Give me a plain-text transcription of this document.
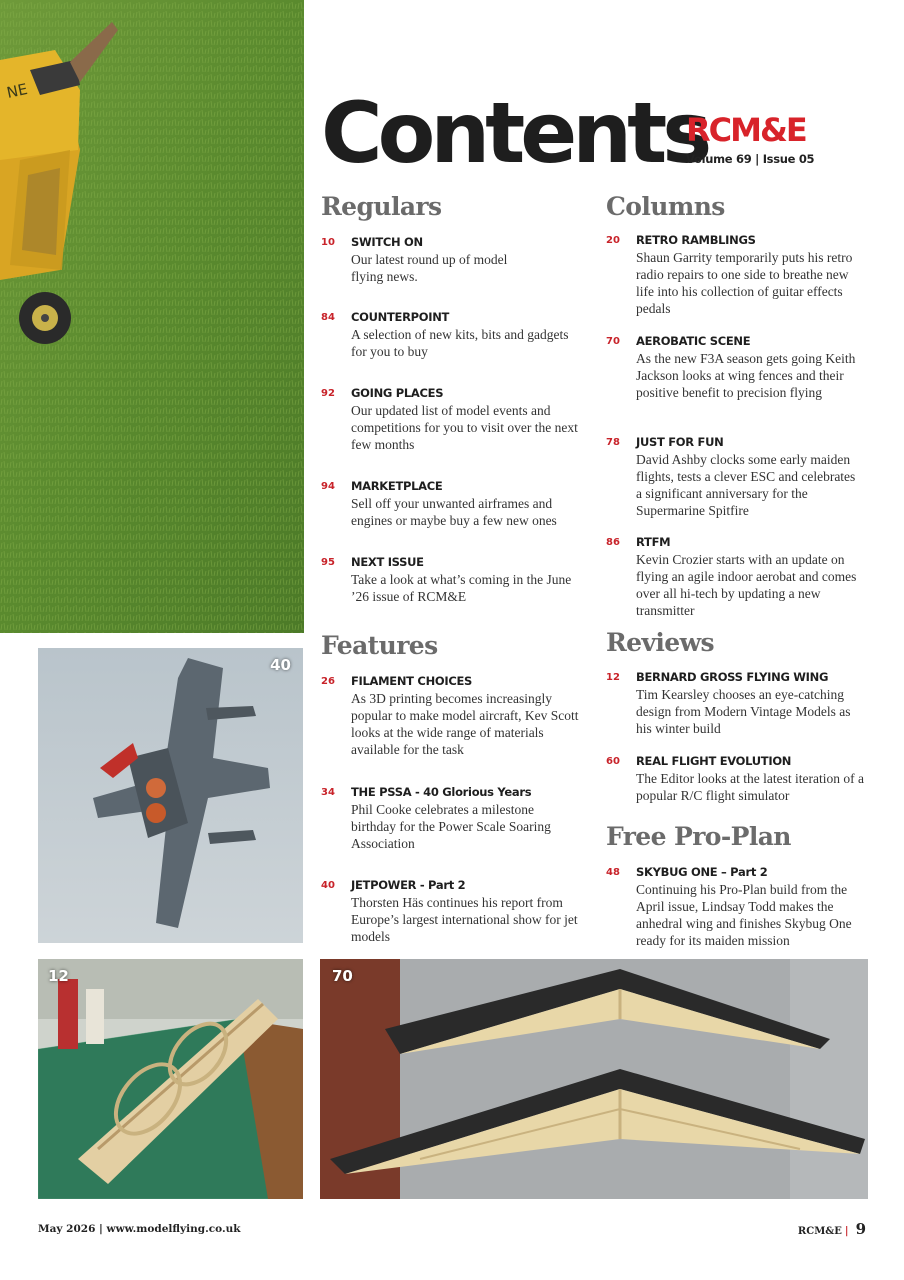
NE
40
12	70
Contents
RCM&E
Volume 69 | Issue 05
Regulars
10 SWITCH ON
Our latest round up of model flying news.
84 COUNTERPOINT
A selection of new kits, bits and gadgets for you to buy
92 GOING PLACES
Our updated list of model events and competitions for you to visit over the next few months
94 MARKETPLACE
Sell off your unwanted airframes and engines or maybe buy a few new ones
95 NEXT ISSUE
Take a look at what’s coming in the June ’26 issue of RCM&E
Columns
20 RETRO RAMBLINGS
Shaun Garrity temporarily puts his retro radio repairs to one side to breathe new life into his collection of guitar effects pedals
70 AEROBATIC SCENE
As the new F3A season gets going Keith Jackson looks at wing fences and their positive benefit to precision flying
78 JUST FOR FUN
David Ashby clocks some early maiden flights, tests a clever ESC and celebrates a significant anniversary for the Supermarine Spitfire
86 RTFM
Kevin Crozier starts with an update on flying an agile indoor aerobat and comes over all hi-tech by updating a new transmitter
Features
26 FILAMENT CHOICES
As 3D printing becomes increasingly popular to make model aircraft, Kev Scott looks at the wide range of materials available for the task
34 THE PSSA - 40 Glorious Years
Phil Cooke celebrates a milestone birthday for the Power Scale Soaring Association
40 JETPOWER - Part 2
Thorsten Häs continues his report from Europe’s largest international show for jet models
Reviews
12 BERNARD GROSS FLYING WING
Tim Kearsley chooses an eye-catching design from Modern Vintage Models as his winter build
60 REAL FLIGHT EVOLUTION
The Editor looks at the latest iteration of a popular R/C flight simulator
Free Pro-Plan
48 SKYBUG ONE – Part 2
Continuing his Pro-Plan build from the April issue, Lindsay Todd makes the anhedral wing and finishes Skybug One ready for its maiden mission
May 2026 | www.modelflying.co.uk	RCM&E | 9
